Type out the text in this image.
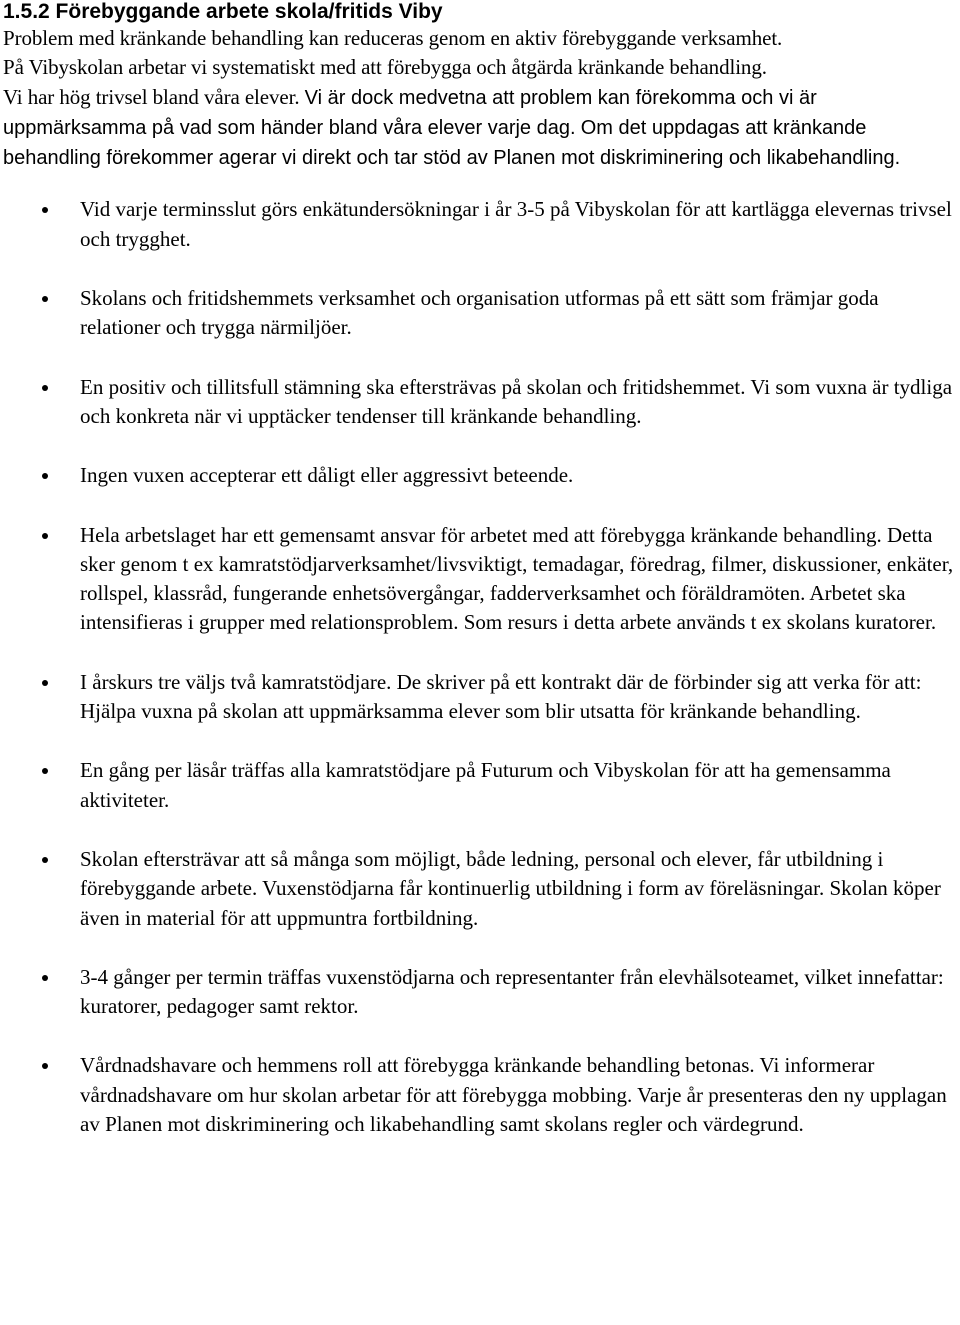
1.5.2 Förebyggande arbete skola/fritids Viby

Problem med kränkande behandling kan reduceras genom en aktiv förebyggande verksamhet.
På Vibyskolan arbetar vi systematiskt med att förebygga och åtgärda kränkande behandling.
Vi har hög trivsel bland våra elever. Vi är dock medvetna att problem kan förekomma och vi är uppmärksamma på vad som händer bland våra elever varje dag. Om det uppdagas att kränkande behandling förekommer agerar vi direkt och tar stöd av Planen mot diskriminering och likabehandling.

Vid varje terminsslut görs enkätundersökningar i år 3-5 på Vibyskolan för att kartlägga elevernas trivsel och trygghet.
Skolans och fritidshemmets verksamhet och organisation utformas på ett sätt som främjar goda relationer och trygga närmiljöer.
En positiv och tillitsfull stämning ska eftersträvas på skolan och fritidshemmet. Vi som vuxna är tydliga och konkreta när vi upptäcker tendenser till kränkande behandling.
Ingen vuxen accepterar ett dåligt eller aggressivt beteende.
Hela arbetslaget har ett gemensamt ansvar för arbetet med att förebygga kränkande behandling. Detta sker genom t ex kamratstödjarverksamhet/livsviktigt, temadagar, föredrag, filmer, diskussioner, enkäter, rollspel, klassråd, fungerande enhetsövergångar, fadderverksamhet och föräldramöten. Arbetet ska intensifieras i grupper med relationsproblem. Som resurs i detta arbete används t ex skolans kuratorer.
I årskurs tre väljs två kamratstödjare. De skriver på ett kontrakt där de förbinder sig att verka för att: Hjälpa vuxna på skolan att uppmärksamma elever som blir utsatta för kränkande behandling.
En gång per läsår träffas alla kamratstödjare på Futurum och Vibyskolan för att ha gemensamma aktiviteter.
Skolan eftersträvar att så många som möjligt, både ledning, personal och elever, får utbildning i förebyggande arbete. Vuxenstödjarna får kontinuerlig utbildning i form av föreläsningar. Skolan köper även in material för att uppmuntra fortbildning.
3-4 gånger per termin träffas vuxenstödjarna och representanter från elevhälsoteamet, vilket innefattar: kuratorer, pedagoger samt rektor.
Vårdnadshavare och hemmens roll att förebygga kränkande behandling betonas. Vi informerar vårdnadshavare om hur skolan arbetar för att förebygga mobbing. Varje år presenteras den ny upplagan av Planen mot diskriminering och likabehandling samt skolans regler och värdegrund.
